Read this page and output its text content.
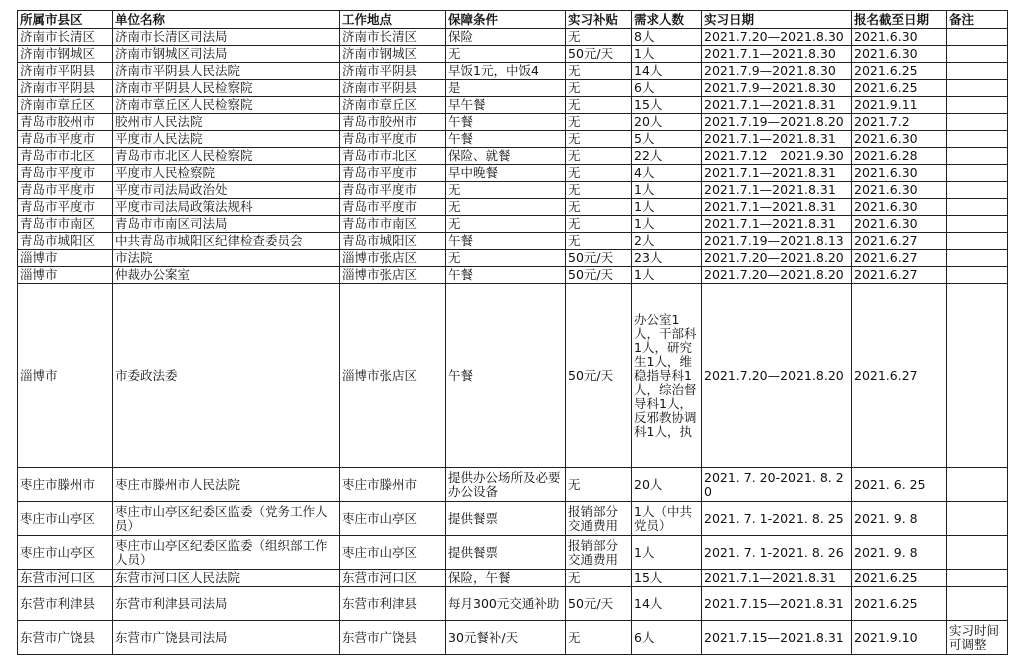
所属市县区	单位名称	工作地点	保障条件	实习补贴	需求人数	实习日期	报名截至日期	备注
济南市长清区	济南市长清区司法局	济南市长清区	保险	无	8人	2021.7.20—2021.8.30	2021.6.30	
济南市钢城区	济南市钢城区司法局	济南市钢城区	无	50元/天	1人	2021.7.1—2021.8.30	2021.6.30	
济南市平阴县	济南市平阴县人民法院	济南市平阴县	早饭1元，中饭4	无	14人	2021.7.9—2021.8.30	2021.6.25	
济南市平阴县	济南市平阴县人民检察院	济南市平阴县	是	无	6人	2021.7.9—2021.8.30	2021.6.25	
济南市章丘区	济南市章丘区人民检察院	济南市章丘区	早午餐	无	15人	2021.7.1—2021.8.31	2021.9.11	
青岛市胶州市	胶州市人民法院	青岛市胶州市	午餐	无	20人	2021.7.19—2021.8.20	2021.7.2	
青岛市平度市	平度市人民法院	青岛市平度市	午餐	无	5人	2021.7.1—2021.8.31	2021.6.30	
青岛市市北区	青岛市市北区人民检察院	青岛市市北区	保险、就餐	无	22人	2021.7.12　2021.9.30	2021.6.28	
青岛市平度市	平度市人民检察院	青岛市平度市	早中晚餐	无	4人	2021.7.1—2021.8.31	2021.6.30	
青岛市平度市	平度市司法局政治处	青岛市平度市	无	无	1人	2021.7.1—2021.8.31	2021.6.30	
青岛市平度市	平度市司法局政策法规科	青岛市平度市	无	无	1人	2021.7.1—2021.8.31	2021.6.30	
青岛市市南区	青岛市市南区司法局	青岛市市南区	无	无	1人	2021.7.1—2021.8.31	2021.6.30	
青岛市城阳区	中共青岛市城阳区纪律检查委员会	青岛市城阳区	午餐	无	2人	2021.7.19—2021.8.13	2021.6.27	
淄博市	市法院	淄博市张店区	无	50元/天	23人	2021.7.20—2021.8.20	2021.6.27	
淄博市	仲裁办公案室	淄博市张店区	午餐	50元/天	1人	2021.7.20—2021.8.20	2021.6.27	
淄博市	市委政法委	淄博市张店区	午餐	50元/天	办公室1人，干部科1人，研究生1人，维稳指导科1人，综治督导科1人，反邪教协调科1人，执	2021.7.20—2021.8.20	2021.6.27	
枣庄市滕州市	枣庄市滕州市人民法院	枣庄市滕州市	提供办公场所及必要办公设备	无	20人	2021. 7. 20-2021. 8. 20	2021. 6. 25	
枣庄市山亭区	枣庄市山亭区纪委区监委（党务工作人员）	枣庄市山亭区	提供餐票	报销部分交通费用	1人（中共党员）	2021. 7. 1-2021. 8. 25	2021. 9. 8	
枣庄市山亭区	枣庄市山亭区纪委区监委（组织部工作人员）	枣庄市山亭区	提供餐票	报销部分交通费用	1人	2021. 7. 1-2021. 8. 26	2021. 9. 8	
东营市河口区	东营市河口区人民法院	东营市河口区	保险，午餐	无	15人	2021.7.1—2021.8.31	2021.6.25	
东营市利津县	东营市利津县司法局	东营市利津县	每月300元交通补助	50元/天	14人	2021.7.15—2021.8.31	2021.6.25	
东营市广饶县	东营市广饶县司法局	东营市广饶县	30元餐补/天	无	6人	2021.7.15—2021.8.31	2021.9.10	实习时间可调整
